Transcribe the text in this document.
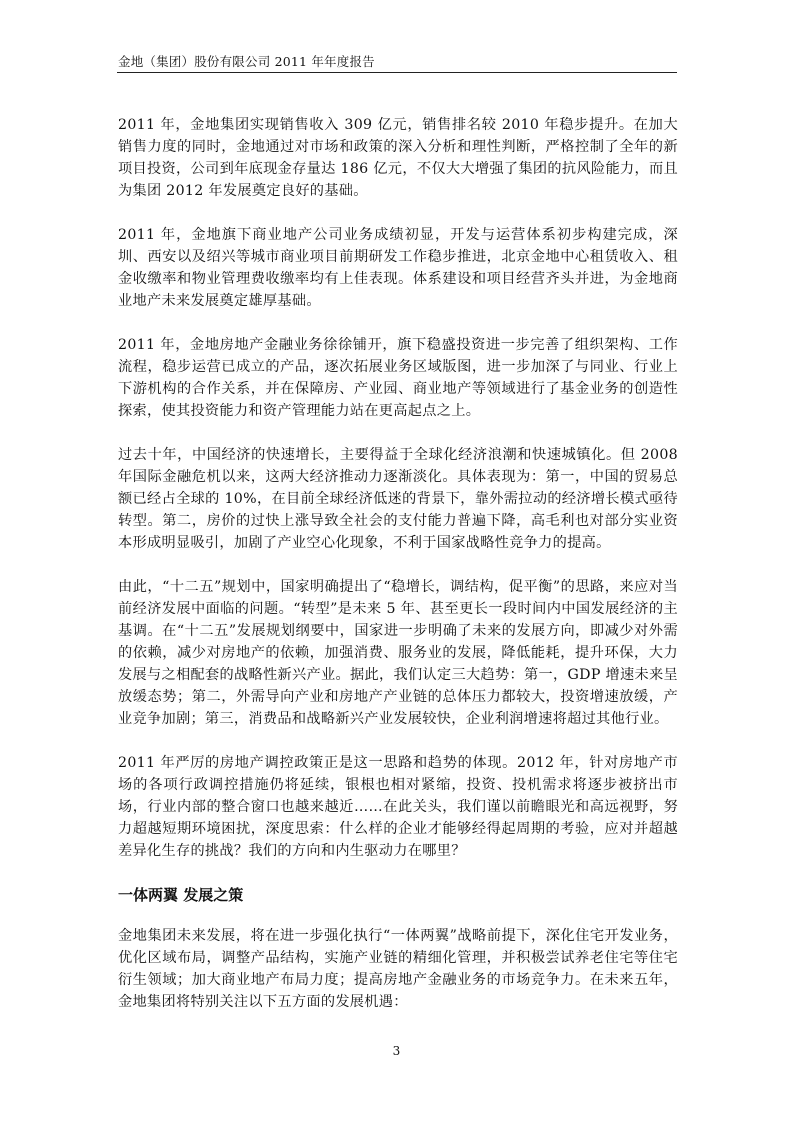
金地（集团）股份有限公司 2011 年年度报告

2011 年，金地集团实现销售收入 309 亿元，销售排名较 2010 年稳步提升。在加大销售力度的同时，金地通过对市场和政策的深入分析和理性判断，严格控制了全年的新项目投资，公司到年底现金存量达 186 亿元，不仅大大增强了集团的抗风险能力，而且为集团 2012 年发展奠定良好的基础。

2011 年，金地旗下商业地产公司业务成绩初显，开发与运营体系初步构建完成，深圳、西安以及绍兴等城市商业项目前期研发工作稳步推进，北京金地中心租赁收入、租金收缴率和物业管理费收缴率均有上佳表现。体系建设和项目经营齐头并进，为金地商业地产未来发展奠定雄厚基础。

2011 年，金地房地产金融业务徐徐铺开，旗下稳盛投资进一步完善了组织架构、工作流程，稳步运营已成立的产品，逐次拓展业务区域版图，进一步加深了与同业、行业上下游机构的合作关系，并在保障房、产业园、商业地产等领域进行了基金业务的创造性探索，使其投资能力和资产管理能力站在更高起点之上。

过去十年，中国经济的快速增长，主要得益于全球化经济浪潮和快速城镇化。但 2008 年国际金融危机以来，这两大经济推动力逐渐淡化。具体表现为：第一，中国的贸易总额已经占全球的 10%，在目前全球经济低迷的背景下，靠外需拉动的经济增长模式亟待转型。第二，房价的过快上涨导致全社会的支付能力普遍下降，高毛利也对部分实业资本形成明显吸引，加剧了产业空心化现象，不利于国家战略性竞争力的提高。

由此，“十二五”规划中，国家明确提出了“稳增长，调结构，促平衡”的思路，来应对当前经济发展中面临的问题。“转型”是未来 5 年、甚至更长一段时间内中国发展经济的主基调。在“十二五”发展规划纲要中，国家进一步明确了未来的发展方向，即减少对外需的依赖，减少对房地产的依赖，加强消费、服务业的发展，降低能耗，提升环保，大力发展与之相配套的战略性新兴产业。据此，我们认定三大趋势：第一，GDP 增速未来呈放缓态势；第二，外需导向产业和房地产产业链的总体压力都较大，投资增速放缓，产业竞争加剧；第三，消费品和战略新兴产业发展较快，企业利润增速将超过其他行业。

2011 年严厉的房地产调控政策正是这一思路和趋势的体现。2012 年，针对房地产市场的各项行政调控措施仍将延续，银根也相对紧缩，投资、投机需求将逐步被挤出市场，行业内部的整合窗口也越来越近……在此关头，我们谨以前瞻眼光和高远视野，努力超越短期环境困扰，深度思索：什么样的企业才能够经得起周期的考验，应对并超越差异化生存的挑战？我们的方向和内生驱动力在哪里？

一体两翼 发展之策

金地集团未来发展，将在进一步强化执行“一体两翼”战略前提下，深化住宅开发业务，优化区域布局，调整产品结构，实施产业链的精细化管理，并积极尝试养老住宅等住宅衍生领域；加大商业地产布局力度；提高房地产金融业务的市场竞争力。在未来五年，金地集团将特别关注以下五方面的发展机遇：

3
